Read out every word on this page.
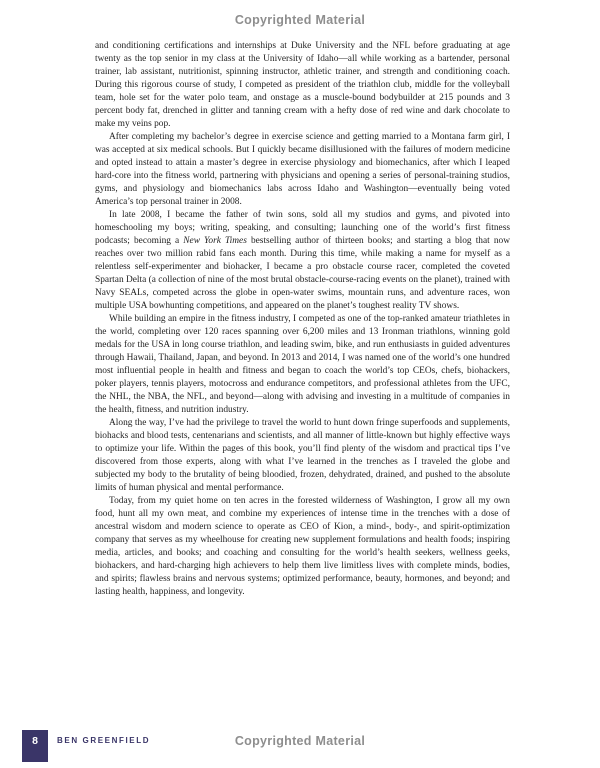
Copyrighted Material

and conditioning certifications and internships at Duke University and the NFL before graduating at age twenty as the top senior in my class at the University of Idaho—all while working as a bartender, personal trainer, lab assistant, nutritionist, spinning instructor, athletic trainer, and strength and conditioning coach. During this rigorous course of study, I competed as president of the triathlon club, middle for the volleyball team, hole set for the water polo team, and onstage as a muscle-bound bodybuilder at 215 pounds and 3 percent body fat, drenched in glitter and tanning cream with a hefty dose of red wine and dark chocolate to make my veins pop.

After completing my bachelor’s degree in exercise science and getting married to a Montana farm girl, I was accepted at six medical schools. But I quickly became disillusioned with the failures of modern medicine and opted instead to attain a master’s degree in exercise physiology and biomechanics, after which I leaped hard-core into the fitness world, partnering with physicians and opening a series of personal-training studios, gyms, and physiology and biomechanics labs across Idaho and Washington—eventually being voted America’s top personal trainer in 2008.

In late 2008, I became the father of twin sons, sold all my studios and gyms, and pivoted into homeschooling my boys; writing, speaking, and consulting; launching one of the world’s first fitness podcasts; becoming a New York Times bestselling author of thirteen books; and starting a blog that now reaches over two million rabid fans each month. During this time, while making a name for myself as a relentless self-experimenter and biohacker, I became a pro obstacle course racer, completed the coveted Spartan Delta (a collection of nine of the most brutal obstacle-course-racing events on the planet), trained with Navy SEALs, competed across the globe in open-water swims, mountain runs, and adventure races, won multiple USA bowhunting competitions, and appeared on the planet’s toughest reality TV shows.

While building an empire in the fitness industry, I competed as one of the top-ranked amateur triathletes in the world, completing over 120 races spanning over 6,200 miles and 13 Ironman triathlons, winning gold medals for the USA in long course triathlon, and leading swim, bike, and run enthusiasts in guided adventures through Hawaii, Thailand, Japan, and beyond. In 2013 and 2014, I was named one of the world’s one hundred most influential people in health and fitness and began to coach the world’s top CEOs, chefs, biohackers, poker players, tennis players, motocross and endurance competitors, and professional athletes from the UFC, the NHL, the NBA, the NFL, and beyond—along with advising and investing in a multitude of companies in the health, fitness, and nutrition industry.

Along the way, I’ve had the privilege to travel the world to hunt down fringe superfoods and supplements, biohacks and blood tests, centenarians and scientists, and all manner of little-known but highly effective ways to optimize your life. Within the pages of this book, you’ll find plenty of the wisdom and practical tips I’ve discovered from those experts, along with what I’ve learned in the trenches as I traveled the globe and subjected my body to the brutality of being bloodied, frozen, dehydrated, drained, and pushed to the absolute limits of human physical and mental performance.

Today, from my quiet home on ten acres in the forested wilderness of Washington, I grow all my own food, hunt all my own meat, and combine my experiences of intense time in the trenches with a dose of ancestral wisdom and modern science to operate as CEO of Kion, a mind-, body-, and spirit-optimization company that serves as my wheelhouse for creating new supplement formulations and health foods; inspiring media, articles, and books; and coaching and consulting for the world’s health seekers, wellness geeks, biohackers, and hard-charging high achievers to help them live limitless lives with complete minds, bodies, and spirits; flawless brains and nervous systems; optimized performance, beauty, hormones, and beyond; and lasting health, happiness, and longevity.

8	BEN GREENFIELD	Copyrighted Material
